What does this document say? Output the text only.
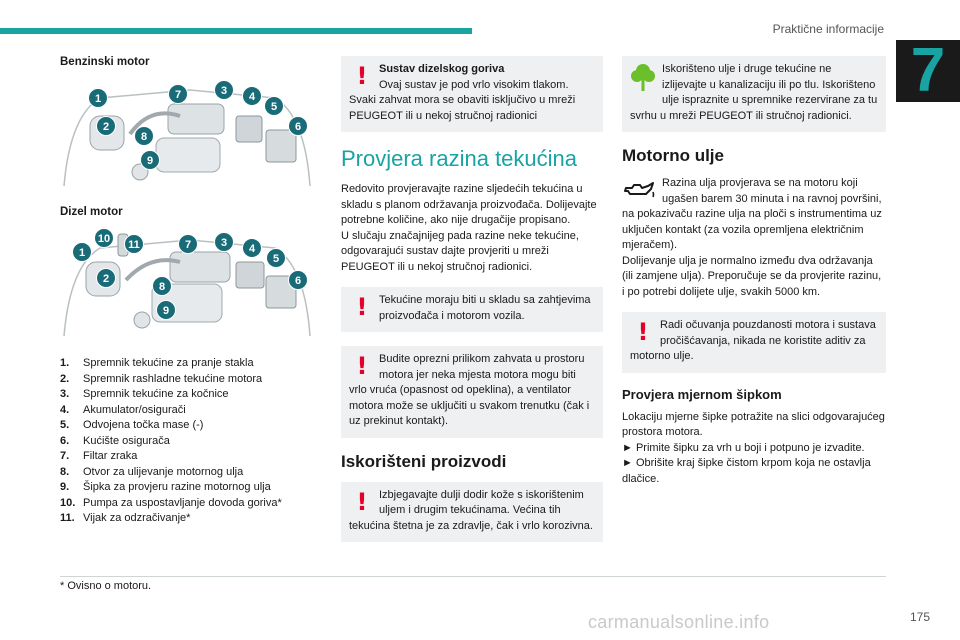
Praktične informacije
7
Benzinski motor
1	7	3	4
5
6
2
8
9
Dizel motor
1
10	11	7	3	4
5
6
2
8
9
1.	Spremnik tekućine za pranje stakla
2.	Spremnik rashladne tekućine motora
3.	Spremnik tekućine za kočnice
4.	Akumulator/osigurači
5.	Odvojena točka mase (-)
6.	Kućište osigurača
7.	Filtar zraka
8.	Otvor za ulijevanje motornog ulja
9.	Šipka za provjeru razine motornog ulja
10. Pumpa za uspostavljanje dovoda goriva*
11. Vijak za odzračivanje*
!	Sustav dizelskog goriva
Ovaj sustav je pod vrlo visokim tlakom. Svaki zahvat mora se obaviti isključivo u mreži PEUGEOT ili u nekoj stručnoj radionici
Provjera razina tekućina

Redovito provjeravajte razine sljedećih tekućina u skladu s planom održavanja proizvođača. Dolijevajte potrebne količine, ako nije drugačije propisano.
U slučaju značajnijeg pada razine neke tekućine, odgovarajući sustav dajte provjeriti u mreži PEUGEOT ili u nekoj stručnoj radionici.

!	Tekućine moraju biti u skladu sa zahtjevima proizvođača i motorom vozila.
!	Budite oprezni prilikom zahvata u prostoru motora jer neka mjesta motora mogu biti vrlo vruća (opasnost od opeklina), a ventilator motora može se uključiti u svakom trenutku (čak i uz prekinut kontakt).
Iskorišteni proizvodi
!	Izbjegavajte dulji dodir kože s iskorištenim uljem i drugim tekućinama. Većina tih tekućina štetna je za zdravlje, čak i vrlo korozivna.
Iskorišteno ulje i druge tekućine ne izlijevajte u kanalizaciju ili po tlu. Iskorišteno ulje ispraznite u spremnike rezervirane za tu svrhu u mreži PEUGEOT ili stručnoj radionici.
Motorno ulje

Razina ulja provjerava se na motoru koji ugašen barem 30 minuta i na ravnoj površini, na pokazivaču razine ulja na ploči s instrumentima uz uključen kontakt (za vozila opremljena električnim mjeračem).
Dolijevanje ulja je normalno između dva održavanja (ili zamjene ulja). Preporučuje se da provjerite razinu, i po potrebi dolijete ulje, svakih 5000 km.

!	Radi očuvanja pouzdanosti motora i sustava pročišćavanja, nikada ne koristite aditiv za motorno ulje.
Provjera mjernom šipkom

Lokaciju mjerne šipke potražite na slici odgovarajućeg prostora motora.
► Primite šipku za vrh u boji i potpuno je izvadite.
► Obrišite kraj šipke čistom krpom koja ne ostavlja dlačice.

* Ovisno o motoru.
carmanualsonline.info	175
